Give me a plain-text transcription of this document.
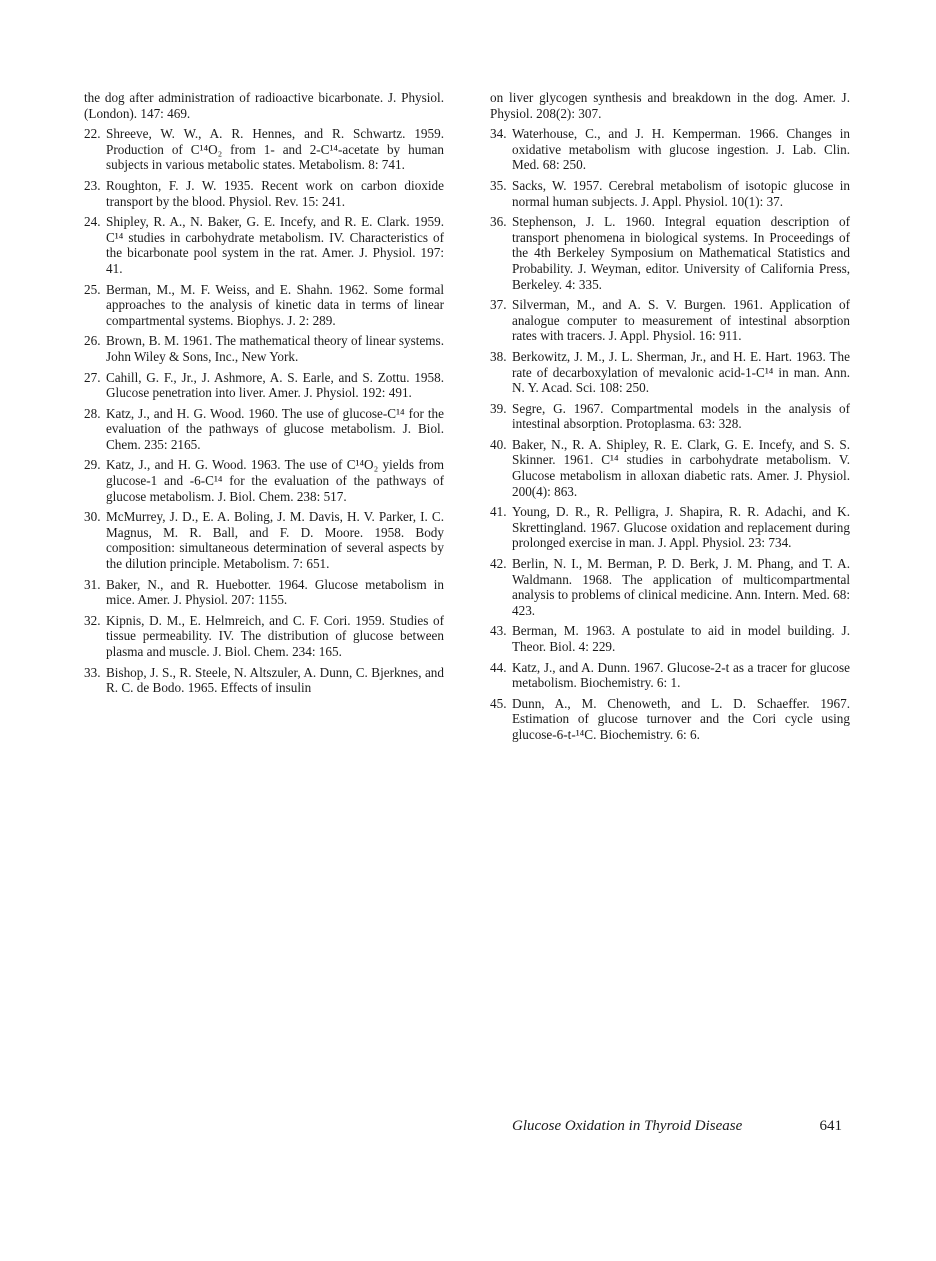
the dog after administration of radioactive bicarbonate. J. Physiol. (London). 147: 469.

22. Shreeve, W. W., A. R. Hennes, and R. Schwartz. 1959. Production of C¹⁴O₂ from 1- and 2-C¹⁴-acetate by human subjects in various metabolic states. Metabolism. 8: 741.

23. Roughton, F. J. W. 1935. Recent work on carbon dioxide transport by the blood. Physiol. Rev. 15: 241.

24. Shipley, R. A., N. Baker, G. E. Incefy, and R. E. Clark. 1959. C¹⁴ studies in carbohydrate metabolism. IV. Characteristics of the bicarbonate pool system in the rat. Amer. J. Physiol. 197: 41.

25. Berman, M., M. F. Weiss, and E. Shahn. 1962. Some formal approaches to the analysis of kinetic data in terms of linear compartmental systems. Biophys. J. 2: 289.

26. Brown, B. M. 1961. The mathematical theory of linear systems. John Wiley & Sons, Inc., New York.

27. Cahill, G. F., Jr., J. Ashmore, A. S. Earle, and S. Zottu. 1958. Glucose penetration into liver. Amer. J. Physiol. 192: 491.

28. Katz, J., and H. G. Wood. 1960. The use of glucose-C¹⁴ for the evaluation of the pathways of glucose metabolism. J. Biol. Chem. 235: 2165.

29. Katz, J., and H. G. Wood. 1963. The use of C¹⁴O₂ yields from glucose-1 and -6-C¹⁴ for the evaluation of the pathways of glucose metabolism. J. Biol. Chem. 238: 517.

30. McMurrey, J. D., E. A. Boling, J. M. Davis, H. V. Parker, I. C. Magnus, M. R. Ball, and F. D. Moore. 1958. Body composition: simultaneous determination of several aspects by the dilution principle. Metabolism. 7: 651.

31. Baker, N., and R. Huebotter. 1964. Glucose metabolism in mice. Amer. J. Physiol. 207: 1155.

32. Kipnis, D. M., E. Helmreich, and C. F. Cori. 1959. Studies of tissue permeability. IV. The distribution of glucose between plasma and muscle. J. Biol. Chem. 234: 165.

33. Bishop, J. S., R. Steele, N. Altszuler, A. Dunn, C. Bjerknes, and R. C. de Bodo. 1965. Effects of insulin

on liver glycogen synthesis and breakdown in the dog. Amer. J. Physiol. 208(2): 307.

34. Waterhouse, C., and J. H. Kemperman. 1966. Changes in oxidative metabolism with glucose ingestion. J. Lab. Clin. Med. 68: 250.

35. Sacks, W. 1957. Cerebral metabolism of isotopic glucose in normal human subjects. J. Appl. Physiol. 10(1): 37.

36. Stephenson, J. L. 1960. Integral equation description of transport phenomena in biological systems. In Proceedings of the 4th Berkeley Symposium on Mathematical Statistics and Probability. J. Weyman, editor. University of California Press, Berkeley. 4: 335.

37. Silverman, M., and A. S. V. Burgen. 1961. Application of analogue computer to measurement of intestinal absorption rates with tracers. J. Appl. Physiol. 16: 911.

38. Berkowitz, J. M., J. L. Sherman, Jr., and H. E. Hart. 1963. The rate of decarboxylation of mevalonic acid-1-C¹⁴ in man. Ann. N. Y. Acad. Sci. 108: 250.

39. Segre, G. 1967. Compartmental models in the analysis of intestinal absorption. Protoplasma. 63: 328.

40. Baker, N., R. A. Shipley, R. E. Clark, G. E. Incefy, and S. S. Skinner. 1961. C¹⁴ studies in carbohydrate metabolism. V. Glucose metabolism in alloxan diabetic rats. Amer. J. Physiol. 200(4): 863.

41. Young, D. R., R. Pelligra, J. Shapira, R. R. Adachi, and K. Skrettingland. 1967. Glucose oxidation and replacement during prolonged exercise in man. J. Appl. Physiol. 23: 734.

42. Berlin, N. I., M. Berman, P. D. Berk, J. M. Phang, and T. A. Waldmann. 1968. The application of multicompartmental analysis to problems of clinical medicine. Ann. Intern. Med. 68: 423.

43. Berman, M. 1963. A postulate to aid in model building. J. Theor. Biol. 4: 229.

44. Katz, J., and A. Dunn. 1967. Glucose-2-t as a tracer for glucose metabolism. Biochemistry. 6: 1.

45. Dunn, A., M. Chenoweth, and L. D. Schaeffer. 1967. Estimation of glucose turnover and the Cori cycle using glucose-6-t-¹⁴C. Biochemistry. 6: 6.

Glucose Oxidation in Thyroid Disease	641
